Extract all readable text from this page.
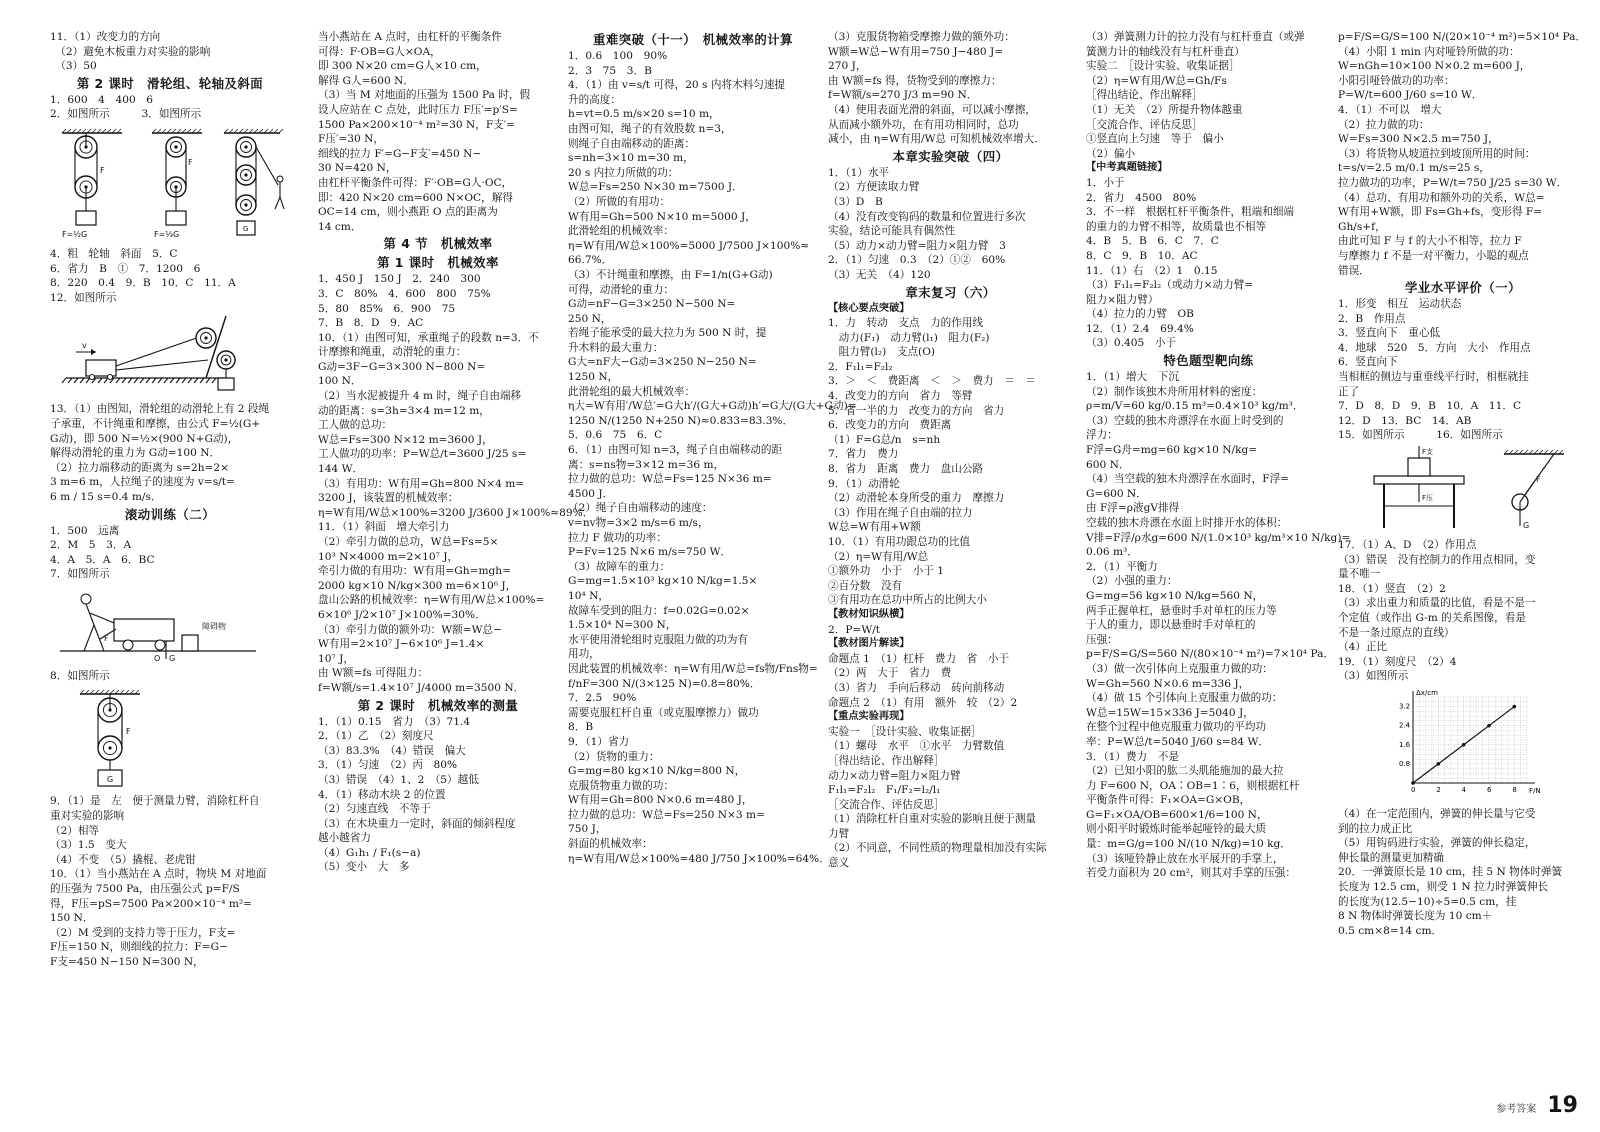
11．（1）改变力的方向
　（2）避免木板重力对实验的影响
　（3）50
第 2 课时　滑轮组、轮轴及斜面
1．600　4　400　6
2．如图所示　　　3．如图所示
F
F=½G
F
F=⅓G
G
4．粗　轮轴　斜面　5．C
6．省力　B　①　7．1200　6
8．220　0.4　9．B　10．C　11．A
12．如图所示
v
13．（1）由图知，滑轮组的动滑轮上有 2 段绳
子承重，不计绳重和摩擦，由公式 F=½(G+
G动)，即 500 N=½×(900 N+G动)，
解得动滑轮的重力为 G动=100 N．
（2）拉力端移动的距离为 s=2h=2×
3 m=6 m，人拉绳子的速度为 v=s/t=
6 m / 15 s=0.4 m/s．
滚动训练（二）
1．500　远离
2．M　5　3．A
4．A　5．A　6．BC
7．如图所示
障碍物
F
O G
8．如图所示
F
G
9．（1）是　左　便于测量力臂，消除杠杆自
重对实验的影响
（2）相等
（3）1.5　变大
（4）不变　（5）撬棍、老虎钳
10．（1）当小燕站在 A 点时，物块 M 对地面
的压强为 7500 Pa，由压强公式 p=F/S
得，F压=pS=7500 Pa×200×10⁻⁴ m²=
150 N．
（2）M 受到的支持力等于压力，F支=
F压=150 N，则细线的拉力：F=G−
F支=450 N−150 N=300 N，
当小燕站在 A 点时，由杠杆的平衡条件
可得：F·OB=G人×OA，
即 300 N×20 cm=G人×10 cm，
解得 G人=600 N．
（3）当 M 对地面的压强为 1500 Pa 时，假
设人应站在 C 点处，此时压力 F压′=p′S=
1500 Pa×200×10⁻⁴ m²=30 N，F支′=
F压′=30 N，
细线的拉力 F′=G−F支′=450 N−
30 N=420 N，
由杠杆平衡条件可得：F′·OB=G人·OC，
即：420 N×20 cm=600 N×OC，解得
OC=14 cm，则小燕距 O 点的距离为
14 cm．
第 4 节　机械效率
第 1 课时　机械效率
1．450 J　150 J　2．240　300
3．C　80%　4．600　800　75%
5．80　85%　6．900　75
7．B　8．D　9．AC
10．（1）由图可知，承重绳子的段数 n=3．不
计摩擦和绳重，动滑轮的重力：
G动=3F−G=3×300 N−800 N=
100 N．
（2）当水泥被提升 4 m 时，绳子自由端移
动的距离：s=3h=3×4 m=12 m，
工人做的总功：
W总=Fs=300 N×12 m=3600 J，
工人做功的功率：P=W总/t=3600 J/25 s=
144 W．
（3）有用功：W有用=Gh=800 N×4 m=
3200 J，该装置的机械效率：
η=W有用/W总×100%=3200 J/3600 J×100%≈89%．
11．（1）斜面　增大牵引力
（2）牵引力做的总功，W总=Fs=5×
10³ N×4000 m=2×10⁷ J，
牵引力做的有用功：W有用=Gh=mgh=
2000 kg×10 N/kg×300 m=6×10⁶ J，
盘山公路的机械效率：η=W有用/W总×100%=
6×10⁶ J/2×10⁷ J×100%=30%．
（3）牵引力做的额外功：W额=W总−
W有用=2×10⁷ J−6×10⁶ J=1.4×
10⁷ J，
由 W额=fs 可得阻力：
f=W额/s=1.4×10⁷ J/4000 m=3500 N．
第 2 课时　机械效率的测量
1．（1）0.15　省力　（3）71.4
2．（1）乙　（2）刻度尺
（3）83.3%　（4）错误　偏大
3．（1）匀速　（2）丙　80%
（3）错误　（4）1、2　（5）越低
4．（1）移动木块 2 的位置
（2）匀速直线　不等于
（3）在木块重力一定时，斜面的倾斜程度
越小越省力
（4）G₁h₁ / F₁(s−a)
（5）变小　大　多
重难突破（十一）　机械效率的计算
1．0.6　100　90%
2．3　75　3．B
4．（1）由 v=s/t 可得，20 s 内将木料匀速提
升的高度：
h=vt=0.5 m/s×20 s=10 m，
由图可知，绳子的有效股数 n=3，
则绳子自由端移动的距离：
s=nh=3×10 m=30 m，
20 s 内拉力所做的功：
W总=Fs=250 N×30 m=7500 J．
（2）所做的有用功：
W有用=Gh=500 N×10 m=5000 J，
此滑轮组的机械效率：
η=W有用/W总×100%=5000 J/7500 J×100%≈
66.7%．
（3）不计绳重和摩擦，由 F=1/n(G+G动)
可得，动滑轮的重力：
G动=nF−G=3×250 N−500 N=
250 N，
若绳子能承受的最大拉力为 500 N 时，提
升木料的最大重力：
G大=nF大−G动=3×250 N−250 N=
1250 N，
此滑轮组的最大机械效率：
η大=W有用′/W总′=G大h′/(G大+G动)h′=G大/(G大+G动)=
1250 N/(1250 N+250 N)≈0.833=83.3%．
5．0.6　75　6．C
6．（1）由图可知 n=3，绳子自由端移动的距
离：s=ns物=3×12 m=36 m，
拉力做的总功：W总=Fs=125 N×36 m=
4500 J．
（2）绳子自由端移动的速度：
v=nv物=3×2 m/s=6 m/s，
拉力 F 做功的功率：
P=Fv=125 N×6 m/s=750 W．
（3）故障车的重力：
G=mg=1.5×10³ kg×10 N/kg=1.5×
10⁴ N，
故障车受到的阻力：f=0.02G=0.02×
1.5×10⁴ N=300 N，
水平使用滑轮组时克服阻力做的功为有
用功，
因此装置的机械效率：η=W有用/W总=fs物/Fns物=
f/nF=300 N/(3×125 N)=0.8=80%．
7．2.5　90%
需要克服杠杆自重（或克服摩擦力）做功
8．B
9．（1）省力
（2）货物的重力：
G=mg=80 kg×10 N/kg=800 N，
克服货物重力做的功：
W有用=Gh=800 N×0.6 m=480 J，
拉力做的总功：W总=Fs=250 N×3 m=
750 J，
斜面的机械效率：
η=W有用/W总×100%=480 J/750 J×100%=64%．
（3）克服货物箱受摩擦力做的额外功：
W额=W总−W有用=750 J−480 J=
270 J，
由 W额=fs 得，货物受到的摩擦力：
f=W额/s=270 J/3 m=90 N．
（4）使用表面光滑的斜面，可以减小摩擦，
从而减小额外功，在有用功相同时，总功
减小，由 η=W有用/W总 可知机械效率增大．
本章实验突破（四）
1．（1）水平
（2）方便读取力臂
（3）D　B
（4）没有改变钩码的数量和位置进行多次
实验，结论可能具有偶然性
（5）动力×动力臂=阻力×阻力臂　3
2．（1）匀速　0.3　（2）①②　60%
（3）无关　（4）120
章末复习（六）
【核心要点突破】
1．力　转动　支点　力的作用线
　动力(F₁)　动力臂(l₁)　阻力(F₂)
　阻力臂(l₂)　支点(O)
2．F₁l₁=F₂l₂
3．＞　＜　费距离　＜　＞　费力　＝　＝
4．改变力的方向　省力　等臂
5．省一半的力　改变力的方向　省力
6．改变力的方向　费距离
（1）F=G总/n　s=nh
7．省力　费力
8．省力　距离　费力　盘山公路
9．（1）动滑轮
（2）动滑轮本身所受的重力　摩擦力
（3）作用在绳子自由端的拉力
W总=W有用+W额
10．（1）有用功跟总功的比值
（2）η=W有用/W总
①额外功　小于　小于 1
②百分数　没有
③有用功在总功中所占的比例大小
【教材知识纵横】
2．P=W/t
【教材图片解读】
命题点 1　（1）杠杆　费力　省　小于
（2）两　大于　省力　费
（3）省力　手向后移动　砖向前移动
命题点 2　（1）有用　额外　较　（2）2
【重点实验再现】
实验一　［设计实验、收集证据］
（1）螺母　水平　①水平　力臂数值
［得出结论、作出解释］
动力×动力臂=阻力×阻力臂
F₁l₁=F₂l₂　F₁/F₂=l₂/l₁
［交流合作、评估反思］
（1）消除杠杆自重对实验的影响且便于测量
力臂
（2）不同意，不同性质的物理量相加没有实际
意义
（3）弹簧测力计的拉力没有与杠杆垂直（或弹
簧测力计的轴线没有与杠杆垂直）
实验二　［设计实验、收集证据］
（2）η=W有用/W总=Gh/Fs
［得出结论、作出解释］
（1）无关　（2）所提升物体越重
［交流合作、评估反思］
①竖直向上匀速　等于　偏小
（2）偏小
【中考真题链接】
1．小于
2．省力　4500　80%
3．不一样　根据杠杆平衡条件，粗端和细端
的重力的力臂不相等，故质量也不相等
4．B　5．B　6．C　7．C
8．C　9．B　10．AC
11．（1）右　（2）1　0.15
（3）F₁l₁=F₂l₂（或动力×动力臂=
阻力×阻力臂）
（4）拉力的力臂　OB
12．（1）2.4　69.4%
（3）0.405　小于
特色题型靶向练
1．（1）增大　下沉
（2）制作该独木舟所用材料的密度：
ρ=m/V=60 kg/0.15 m³=0.4×10³ kg/m³．
（3）空载的独木舟漂浮在水面上时受到的
浮力：
F浮=G舟=mg=60 kg×10 N/kg=
600 N．
（4）当空载的独木舟漂浮在水面时，F浮=
G=600 N．
由 F浮=ρ液gV排得
空载的独木舟漂在水面上时排开水的体积：
V排=F浮/ρ水g=600 N/(1.0×10³ kg/m³×10 N/kg)=
0.06 m³．
2．（1）平衡力
（2）小强的重力：
G=mg=56 kg×10 N/kg=560 N，
两手正握单杠，悬垂时手对单杠的压力等
于人的重力，即以悬垂时手对单杠的
压强：
p=F/S=G/S=560 N/(80×10⁻⁴ m²)=7×10⁴ Pa．
（3）做一次引体向上克服重力做的功：
W=Gh=560 N×0.6 m=336 J，
（4）做 15 个引体向上克服重力做的功：
W总=15W=15×336 J=5040 J，
在整个过程中他克服重力做功的平均功
率：P=W总/t=5040 J/60 s=84 W．
3．（1）费力　不是
（2）已知小阳的肱二头肌能施加的最大拉
力 F=600 N，OA∶OB=1∶6，则根据杠杆
平衡条件可得：F₁×OA=G×OB，
G=F₁×OA/OB=600×1/6=100 N，
则小阳平时锻炼时能举起哑铃的最大质
量：m=G/g=100 N/(10 N/kg)=10 kg．
（3）该哑铃静止放在水平展开的手掌上，
若受力面积为 20 cm²，则其对手掌的压强：
p=F/S=G/S=100 N/(20×10⁻⁴ m²)=5×10⁴ Pa．
（4）小阳 1 min 内对哑铃所做的功：
W=nGh=10×100 N×0.2 m=600 J，
小阳引哑铃做功的功率：
P=W/t=600 J/60 s=10 W．
4．（1）不可以　增大
（2）拉力做的功：
W=Fs=300 N×2.5 m=750 J，
（3）将货物从坡道拉到坡顶所用的时间：
t=s/v=2.5 m/0.1 m/s=25 s，
拉力做功的功率，P=W/t=750 J/25 s=30 W．
（4）总功、有用功和额外功的关系，W总=
W有用+W额，即 Fs=Gh+fs，变形得 F=
Gh/s+f，
由此可知 F 与 f 的大小不相等，拉力 F
与摩擦力 f 不是一对平衡力，小聪的观点
错误．
学业水平评价（一）
1．形变　相互　运动状态
2．B　作用点
3．竖直向下　重心低
4．地球　520　5．方向　大小　作用点
6．竖直向下
当相框的侧边与重垂线平行时，相框就挂
正了
7．D　8．D　9．B　10．A　11．C
12．D　13．BC　14．AB
15．如图所示　　　16．如图所示
F支
F压
F
G
17．（1）A、D　（2）作用点
（3）错误　没有控制力的作用点相同，变
量不唯一
18．（1）竖直　（2）2
（3）求出重力和质量的比值，看是不是一
个定值（或作出 G-m 的关系图像，看是
不是一条过原点的直线）
（4）正比
19．（1）刻度尺　（2）4
（3）如图所示
F/N
Δx/cm
0	2	4	6	8
0.8
1.6
2.4
3.2
（4）在一定范围内，弹簧的伸长量与它受
到的拉力成正比
（5）用钩码进行实验，弹簧的伸长稳定，
伸长量的测量更加精确
20．一弹簧原长是 10 cm，挂 5 N 物体时弹簧
长度为 12.5 cm，则受 1 N 拉力时弹簧伸长
的长度为(12.5−10)÷5=0.5 cm，挂
8 N 物体时弹簧长度为 10 cm＋
0.5 cm×8=14 cm．
参考答案 19
